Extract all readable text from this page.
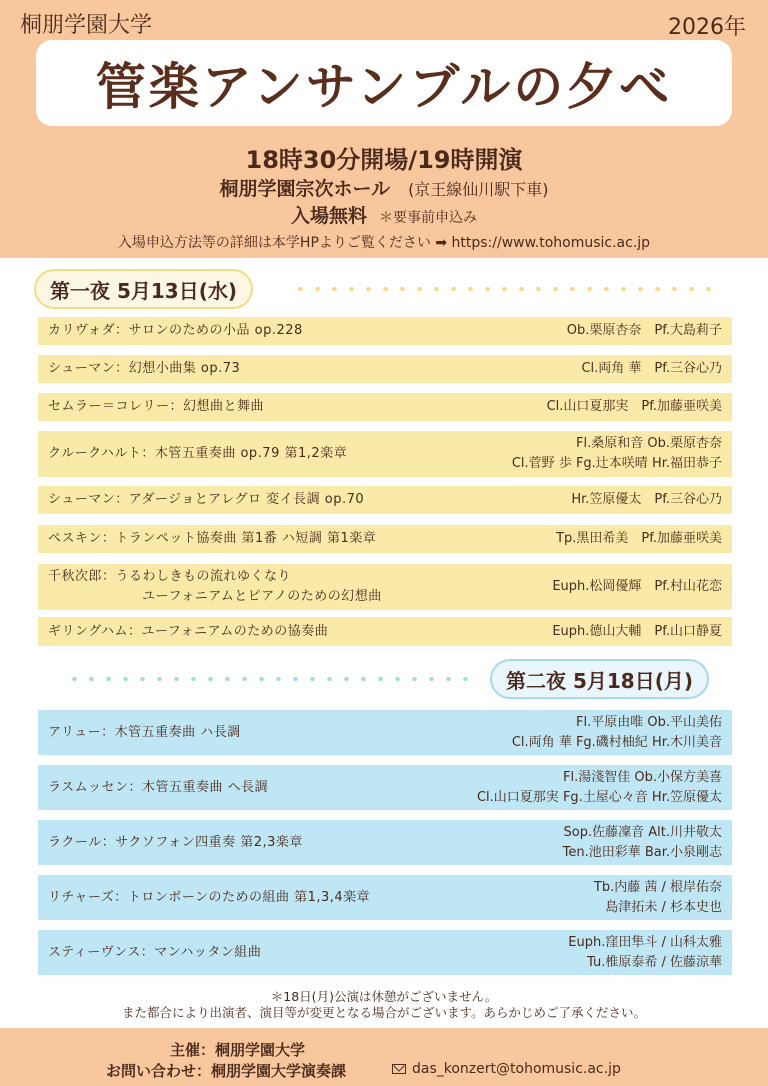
桐朋学園大学	2026年
管楽アンサンブルの夕べ
18時30分開場/19時開演
桐朋学園宗次ホール (京王線仙川駅下車)
入場無料 ＊要事前申込み
入場申込方法等の詳細は本学HPよりご覧ください ➡ https://www.tohomusic.ac.jp
第一夜 5月13日(水)
カリヴォダ：サロンのための小品 op.228	Ob.栗原杏奈　Pf.大島莉子
シューマン：幻想小曲集 op.73	Cl.両角 華　Pf.三谷心乃
セムラー＝コレリー：幻想曲と舞曲	Cl.山口夏那実　Pf.加藤亜咲美
クルークハルト：木管五重奏曲 op.79 第1,2楽章
Fl.桑原和音 Ob.栗原杏奈
Cl.菅野 歩 Fg.辻本咲晴 Hr.福田恭子
シューマン：アダージョとアレグロ 変イ長調 op.70	Hr.笠原優太　Pf.三谷心乃
ペスキン：トランペット協奏曲 第1番 ハ短調 第1楽章	Tp.黒田希美　Pf.加藤亜咲美
千秋次郎：うるわしきもの流れゆくなり
ユーフォニアムとピアノのための幻想曲
Euph.松岡優輝　Pf.村山花恋
ギリングハム：ユーフォニアムのための協奏曲	Euph.德山大輔　Pf.山口静夏
第二夜 5月18日(月)
アリュー：木管五重奏曲 ハ長調
Fl.平原由唯 Ob.平山美佑
Cl.両角 華 Fg.磯村柚紀 Hr.木川美音
ラスムッセン：木管五重奏曲 ヘ長調
Fl.湯淺智佳 Ob.小保方美喜
Cl.山口夏那実 Fg.土屋心々音 Hr.笠原優太
ラクール：サクソフォン四重奏 第2,3楽章
Sop.佐藤凜音 Alt.川井敬太
Ten.池田彩華 Bar.小泉剛志
リチャーズ：トロンボーンのための組曲 第1,3,4楽章
Tb.内藤 茜 / 根岸佑奈
島津拓未 / 杉本史也
スティーヴンス：マンハッタン組曲
Euph.窪田隼斗 / 山科太雅
Tu.椎原泰希 / 佐藤涼華
＊18日(月)公演は休憩がございません。
また都合により出演者、演目等が変更となる場合がございます。あらかじめご了承ください。
主催：桐朋学園大学
お問い合わせ：桐朋学園大学演奏課	das_konzert@tohomusic.ac.jp
